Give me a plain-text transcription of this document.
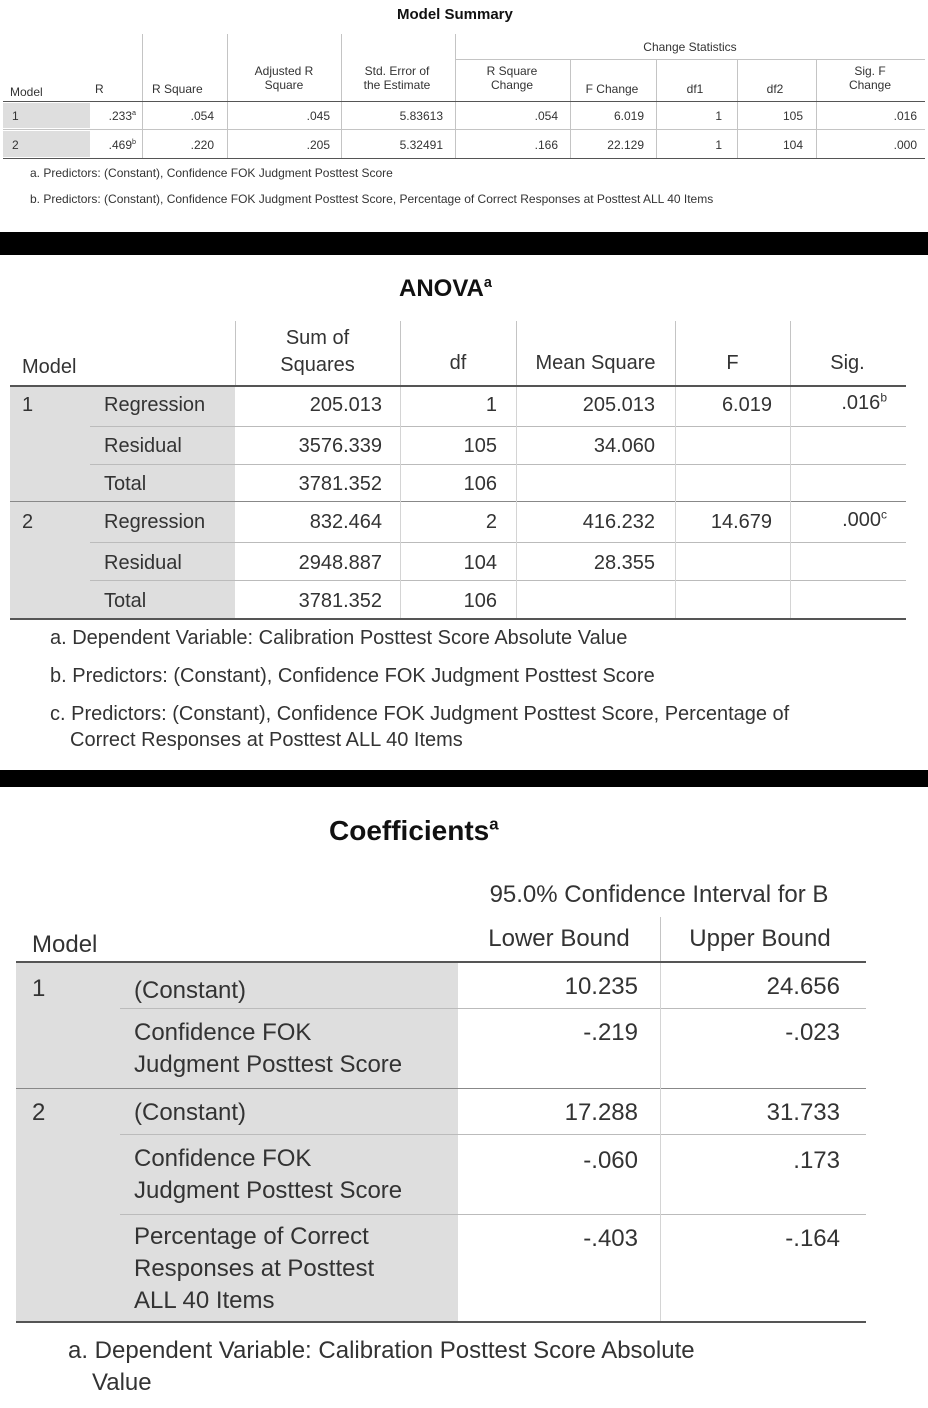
Model Summary
Change Statistics
Model	R	R Square
Adjusted R
Square
Std. Error of
the Estimate
R Square
Change	F Change	df1	df2
Sig. F
Change
1	.233$^a$	.054	.045	5.83613	.054	6.019	1	105	.016
2	.469$^b$	.220	.205	5.32491	.166	22.129	1	104	.000
a. Predictors: (Constant), Confidence FOK Judgment Posttest Score
b. Predictors: (Constant), Confidence FOK Judgment Posttest Score, Percentage of Correct Responses at Posttest ALL 40 Items
ANOVA$^a$
Model
Sum of
Squares	df	Mean Square	F	Sig.
1	Regression	205.013	1	205.013	6.019	.016$^b$
Residual	3576.339	105	34.060
Total	3781.352	106
2	Regression	832.464	2	416.232	14.679	.000$^c$
Residual	2948.887	104	28.355
Total	3781.352	106
a. Dependent Variable: Calibration Posttest Score Absolute Value
b. Predictors: (Constant), Confidence FOK Judgment Posttest Score
c. Predictors: (Constant), Confidence FOK Judgment Posttest Score, Percentage of
Correct Responses at Posttest ALL 40 Items
Coefficients$^a$
95.0% Confidence Interval for B
Model	Lower Bound	Upper Bound
1	(Constant)	10.235	24.656
Confidence FOK
Judgment Posttest Score
-.219	-.023
2	(Constant)	17.288	31.733
Confidence FOK
Judgment Posttest Score
-.060	.173
Percentage of Correct
Responses at Posttest
ALL 40 Items
-.403	-.164
a. Dependent Variable: Calibration Posttest Score Absolute
Value
